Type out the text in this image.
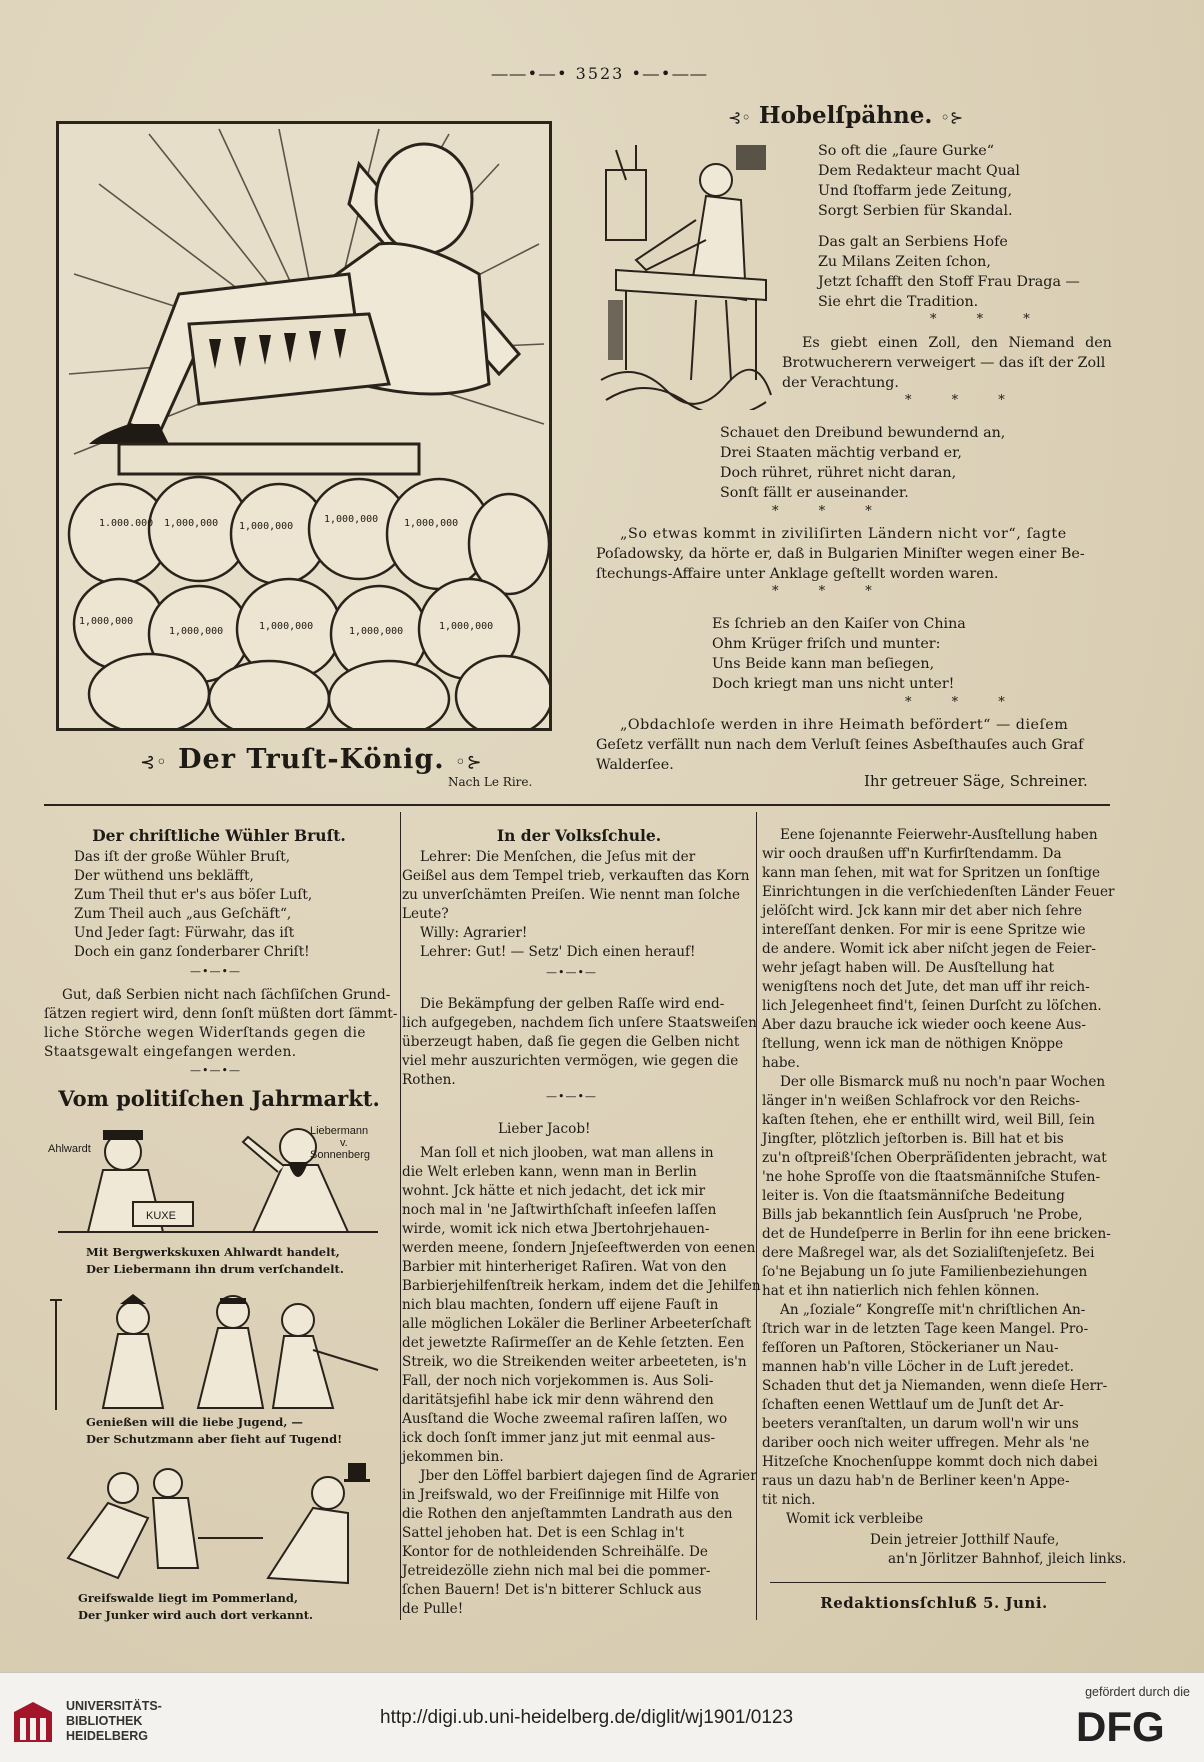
――•―• 3523 •―•――
1.000.000 1,000,000 1,000,000
1,000,000	1,000,000
1,000,000
1,000,000	1,000,000	1,000,000	1,000,000
⊰◦ Der Truſt-König. ◦⊱
Nach Le Rire.
⊰◦ Hobelſpähne. ◦⊱
So oft die „ſaure Gurke“
Dem Redakteur macht Qual
Und ſtoffarm jede Zeitung,
Sorgt Serbien für Skandal.
Das galt an Serbiens Hofe
Zu Milans Zeiten ſchon,
Jetzt ſchafft den Stoff Frau Draga —
Sie ehrt die Tradition.
* * *
Es giebt einen Zoll, den Niemand den
Brotwucherern verweigert — das iſt der Zoll
der Verachtung.
* * *
Schauet den Dreibund bewundernd an,
Drei Staaten mächtig verband er,
Doch rühret, rühret nicht daran,
Sonſt fällt er auseinander.
* * *
„So etwas kommt in ziviliſirten Ländern nicht vor“, ſagte
Poſadowsky, da hörte er, daß in Bulgarien Miniſter wegen einer Be-
ſtechungs-Affaire unter Anklage geſtellt worden waren.
* * *
Es ſchrieb an den Kaiſer von China
Ohm Krüger friſch und munter:
Uns Beide kann man beſiegen,
Doch kriegt man uns nicht unter!
* * *
„Obdachloſe werden in ihre Heimath befördert“ — dieſem
Geſetz verfällt nun nach dem Verluſt ſeines Asbeſthauſes auch Graf
Walderſee.
Ihr getreuer Säge, Schreiner.
Der chriſtliche Wühler Bruſt.
Das iſt der große Wühler Bruſt,
Der wüthend uns bekläfft,
Zum Theil thut er's aus böſer Luſt,
Zum Theil auch „aus Geſchäft“,
Und Jeder ſagt: Fürwahr, das iſt
Doch ein ganz ſonderbarer Chriſt!
—•—•—
Gut, daß Serbien nicht nach ſächſiſchen Grund-
ſätzen regiert wird, denn ſonſt müßten dort ſämmt-
liche Störche wegen Widerſtands gegen die
Staatsgewalt eingefangen werden.
—•—•—
Vom politiſchen Jahrmarkt.
Ahlwardt
Liebermann
v.
Sonnenberg
KUXE
Mit Bergwerkskuxen Ahlwardt handelt,
Der Liebermann ihn drum verſchandelt.
Genießen will die liebe Jugend, —
Der Schutzmann aber ſieht auf Tugend!
Greifswalde liegt im Pommerland,
Der Junker wird auch dort verkannt.
In der Volksſchule.
Lehrer: Die Menſchen, die Jeſus mit der
Geißel aus dem Tempel trieb, verkauften das Korn
zu unverſchämten Preiſen. Wie nennt man ſolche
Leute?
Willy: Agrarier!
Lehrer: Gut! — Setz' Dich einen herauf!
—•—•—
Die Bekämpfung der gelben Raſſe wird end-
lich aufgegeben, nachdem ſich unſere Staatsweiſen
überzeugt haben, daß ſie gegen die Gelben nicht
viel mehr auszurichten vermögen, wie gegen die
Rothen.
—•—•—
Lieber Jacob!
Man ſoll et nich jlooben, wat man allens in
die Welt erleben kann, wenn man in Berlin
wohnt. Jck hätte et nich jedacht, det ick mir
noch mal in 'ne Jaſtwirthſchaft inſeefen laſſen
wirde, womit ick nich etwa Jbertohrjehauen-
werden meene, ſondern Jnjeſeeftwerden von eenen
Barbier mit hinterheriget Raſiren. Wat von den
Barbierjehilfenſtreik herkam, indem det die Jehilfen
nich blau machten, ſondern uff eijene Fauſt in
alle möglichen Lokäler die Berliner Arbeeterſchaft
det jewetzte Raſirmeſſer an de Kehle ſetzten. Een
Streik, wo die Streikenden weiter arbeeteten, is'n
Fall, der noch nich vorjekommen is. Aus Soli-
daritätsjefihl habe ick mir denn während den
Ausſtand die Woche zweemal raſiren laſſen, wo
ick doch ſonſt immer janz jut mit eenmal aus-
jekommen bin.
Jber den Löffel barbiert dajegen ſind de Agrarier
in Jreifswald, wo der Freiſinnige mit Hilfe von
die Rothen den anjeſtammten Landrath aus den
Sattel jehoben hat. Det is een Schlag in't
Kontor for de nothleidenden Schreihälſe. De
Jetreidezölle ziehn nich mal bei die pommer-
ſchen Bauern! Det is'n bitterer Schluck aus
de Pulle!
Eene ſojenannte Feierwehr-Ausſtellung haben
wir ooch draußen uff'n Kurfirſtendamm. Da
kann man ſehen, mit wat for Spritzen un ſonſtige
Einrichtungen in die verſchiedenſten Länder Feuer
jelöſcht wird. Jck kann mir det aber nich ſehre
intereſſant denken. For mir is eene Spritze wie
de andere. Womit ick aber niſcht jegen de Feier-
wehr jeſagt haben will. De Ausſtellung hat
wenigſtens noch det Jute, det man uff ihr reich-
lich Jelegenheet find't, ſeinen Durſcht zu löſchen.
Aber dazu brauche ick wieder ooch keene Aus-
ſtellung, wenn ick man de nöthigen Knöppe
habe.
Der olle Bismarck muß nu noch'n paar Wochen
länger in'n weißen Schlafrock vor den Reichs-
kaſten ſtehen, ehe er enthillt wird, weil Bill, ſein
Jingſter, plötzlich jeſtorben is. Bill hat et bis
zu'n oſtpreiß'ſchen Oberpräſidenten jebracht, wat
'ne hohe Sproſſe von die ſtaatsmänniſche Stufen-
leiter is. Von die ſtaatsmänniſche Bedeitung
Bills jab bekanntlich ſein Ausſpruch 'ne Probe,
det de Hundeſperre in Berlin for ihn eene bricken-
dere Maßregel war, als det Sozialiſtenjeſetz. Bei
ſo'ne Bejabung un ſo jute Familienbeziehungen
hat et ihn natierlich nich fehlen können.
An „ſoziale“ Kongreſſe mit'n chriſtlichen An-
ſtrich war in de letzten Tage keen Mangel. Pro-
feſſoren un Paſtoren, Stöckerianer un Nau-
mannen hab'n ville Löcher in de Luft jeredet.
Schaden thut det ja Niemanden, wenn dieſe Herr-
ſchaften eenen Wettlauf um de Junſt det Ar-
beeters veranſtalten, un darum woll'n wir uns
dariber ooch nich weiter uffregen. Mehr als 'ne
Hitzeſche Knochenſuppe kommt doch nich dabei
raus un dazu hab'n de Berliner keen'n Appe-
tit nich.
Womit ick verbleibe
Dein jetreier Jotthilf Naufe,
an'n Jörlitzer Bahnhof, jleich links.
Redaktionsſchluß 5. Juni.
UNIVERSITÄTS-
BIBLIOTHEK
HEIDELBERG
http://digi.ub.uni-heidelberg.de/diglit/wj1901/0123
gefördert durch die
DFG
